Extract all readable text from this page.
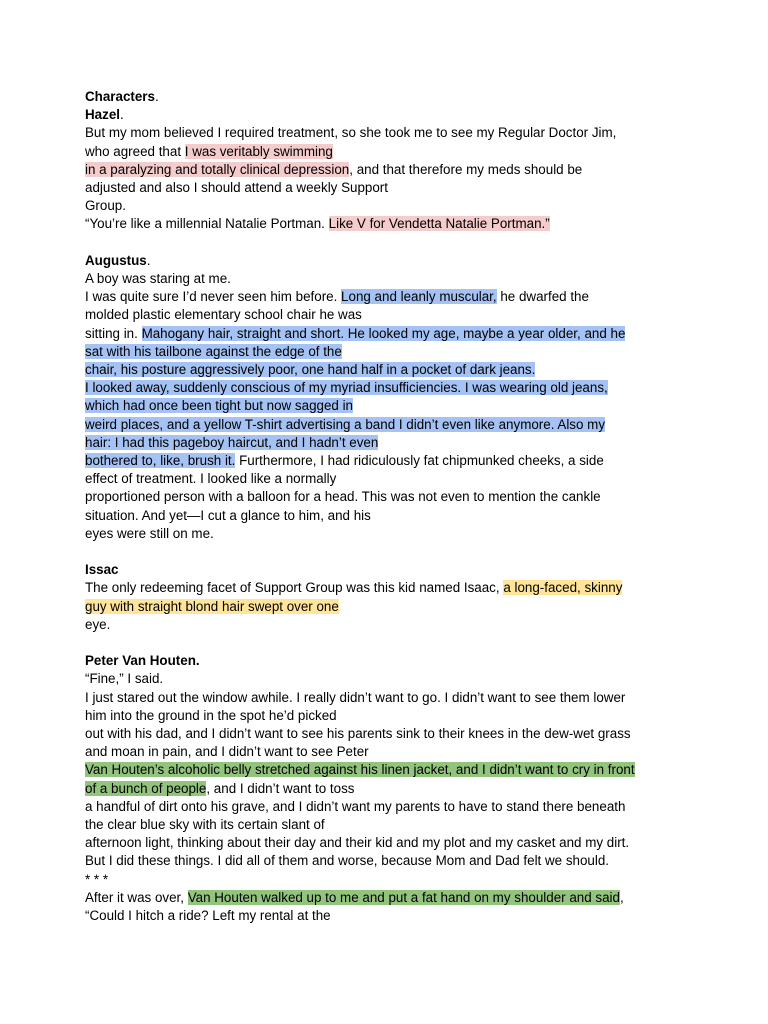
Characters.
Hazel.
But my mom believed I required treatment, so she took me to see my Regular Doctor Jim,
who agreed that I was veritably swimming
in a paralyzing and totally clinical depression, and that therefore my meds should be
adjusted and also I should attend a weekly Support
Group.
“You’re like a millennial Natalie Portman. Like V for Vendetta Natalie Portman.”
Augustus.
A boy was staring at me.
I was quite sure I’d never seen him before. Long and leanly muscular, he dwarfed the
molded plastic elementary school chair he was
sitting in. Mahogany hair, straight and short. He looked my age, maybe a year older, and he
sat with his tailbone against the edge of the
chair, his posture aggressively poor, one hand half in a pocket of dark jeans.
I looked away, suddenly conscious of my myriad insufficiencies. I was wearing old jeans,
which had once been tight but now sagged in
weird places, and a yellow T-shirt advertising a band I didn’t even like anymore. Also my
hair: I had this pageboy haircut, and I hadn’t even
bothered to, like, brush it. Furthermore, I had ridiculously fat chipmunked cheeks, a side
effect of treatment. I looked like a normally
proportioned person with a balloon for a head. This was not even to mention the cankle
situation. And yet—I cut a glance to him, and his
eyes were still on me.
Issac
The only redeeming facet of Support Group was this kid named Isaac, a long-faced, skinny
guy with straight blond hair swept over one
eye.
Peter Van Houten.
“Fine,” I said.
I just stared out the window awhile. I really didn’t want to go. I didn’t want to see them lower
him into the ground in the spot he’d picked
out with his dad, and I didn’t want to see his parents sink to their knees in the dew-wet grass
and moan in pain, and I didn’t want to see Peter
Van Houten’s alcoholic belly stretched against his linen jacket, and I didn’t want to cry in front
of a bunch of people, and I didn’t want to toss
a handful of dirt onto his grave, and I didn’t want my parents to have to stand there beneath
the clear blue sky with its certain slant of
afternoon light, thinking about their day and their kid and my plot and my casket and my dirt.
But I did these things. I did all of them and worse, because Mom and Dad felt we should.
* * *
After it was over, Van Houten walked up to me and put a fat hand on my shoulder and said,
“Could I hitch a ride? Left my rental at the
